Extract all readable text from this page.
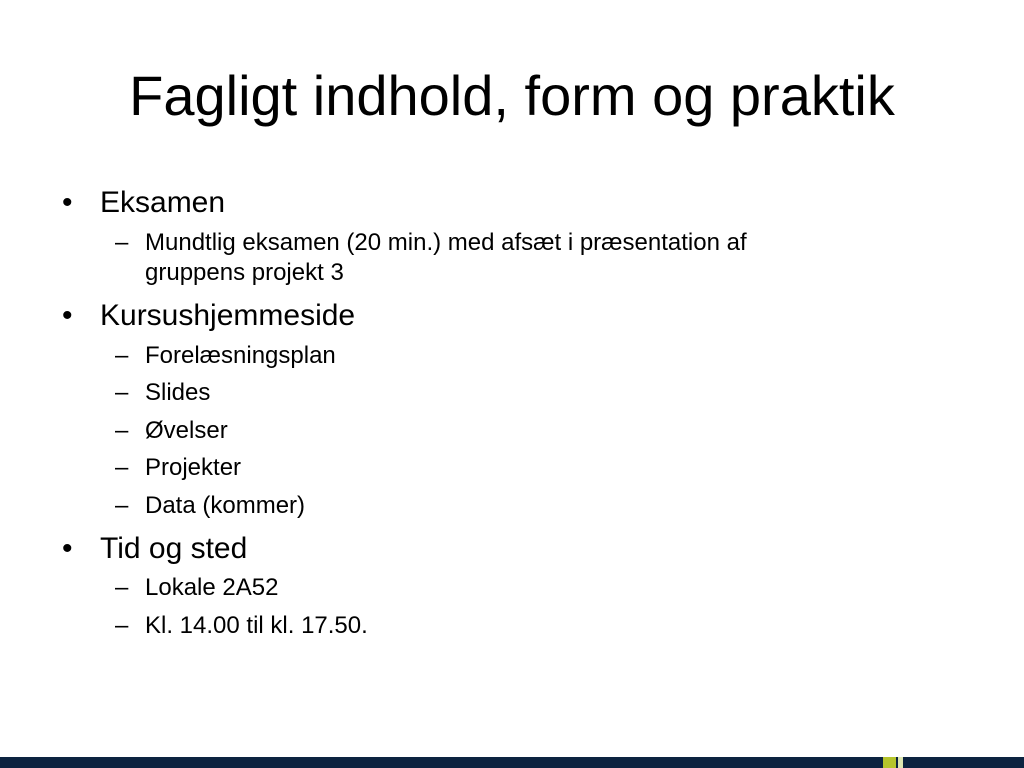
Fagligt indhold, form og praktik
• Eksamen
– Mundtlig eksamen (20 min.) med afsæt i præsentation af
gruppens projekt 3
• Kursushjemmeside
– Forelæsningsplan
– Slides
– Øvelser
– Projekter
– Data (kommer)
• Tid og sted
– Lokale 2A52
– Kl. 14.00 til kl. 17.50.
